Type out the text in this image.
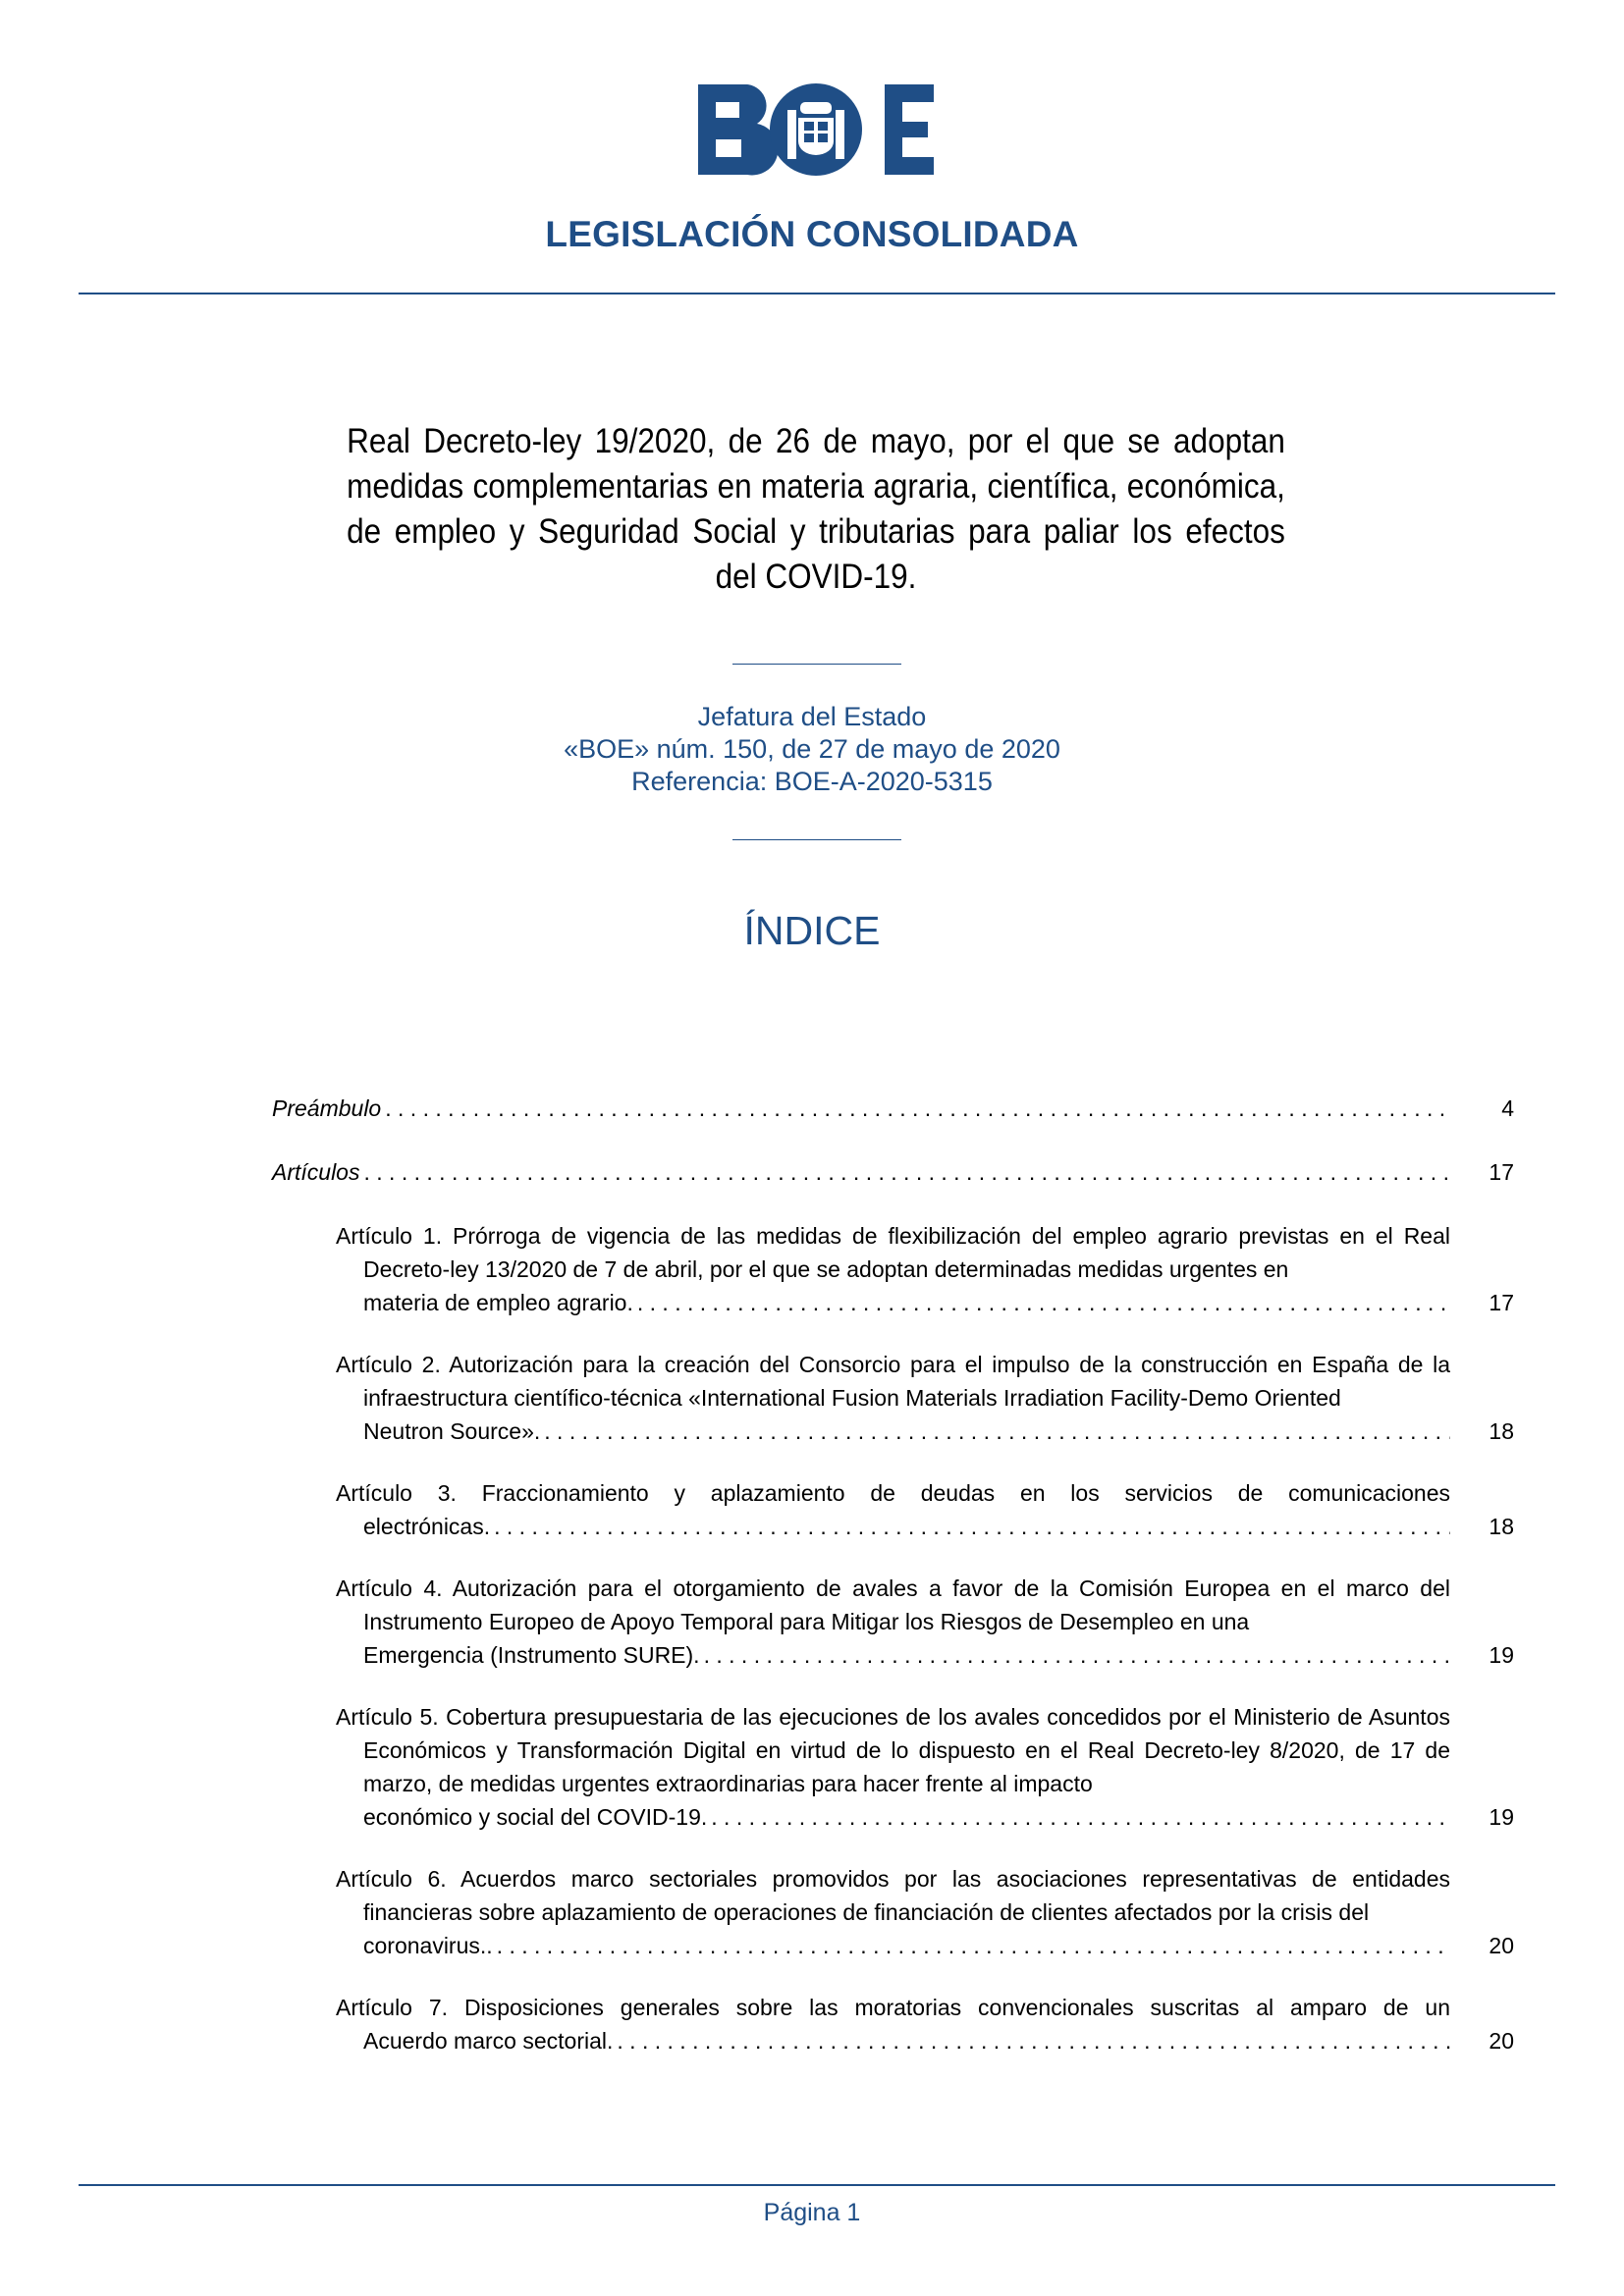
LEGISLACIÓN CONSOLIDADA
Real Decreto-ley 19/2020, de 26 de mayo, por el que se adoptan medidas complementarias en materia agraria, científica, económica, de empleo y Seguridad Social y tributarias para paliar los efectos del COVID-19.
Jefatura del Estado
«BOE» núm. 150, de 27 de mayo de 2020
Referencia: BOE-A-2020-5315
ÍNDICE
Preámbulo . . .	4
Artículos . . .	17
Artículo 1. Prórroga de vigencia de las medidas de flexibilización del empleo agrario previstas en el Real Decreto-ley 13/2020 de 7 de abril, por el que se adoptan determinadas medidas urgentes en
materia de empleo agrario. . . .	17
Artículo 2. Autorización para la creación del Consorcio para el impulso de la construcción en España de la infraestructura científico-técnica «International Fusion Materials Irradiation Facility-Demo Oriented
Neutron Source». . . .	18
Artículo 3. Fraccionamiento y aplazamiento de deudas en los servicios de comunicaciones
electrónicas. . . .	18
Artículo 4. Autorización para el otorgamiento de avales a favor de la Comisión Europea en el marco del Instrumento Europeo de Apoyo Temporal para Mitigar los Riesgos de Desempleo en una
Emergencia (Instrumento SURE). . . .	19
Artículo 5. Cobertura presupuestaria de las ejecuciones de los avales concedidos por el Ministerio de Asuntos Económicos y Transformación Digital en virtud de lo dispuesto en el Real Decreto-ley 8/2020, de 17 de marzo, de medidas urgentes extraordinarias para hacer frente al impacto
económico y social del COVID-19. . . .	19
Artículo 6. Acuerdos marco sectoriales promovidos por las asociaciones representativas de entidades financieras sobre aplazamiento de operaciones de financiación de clientes afectados por la crisis del
coronavirus.. . . .	20
Artículo 7. Disposiciones generales sobre las moratorias convencionales suscritas al amparo de un
Acuerdo marco sectorial. . . .	20
Página 1
